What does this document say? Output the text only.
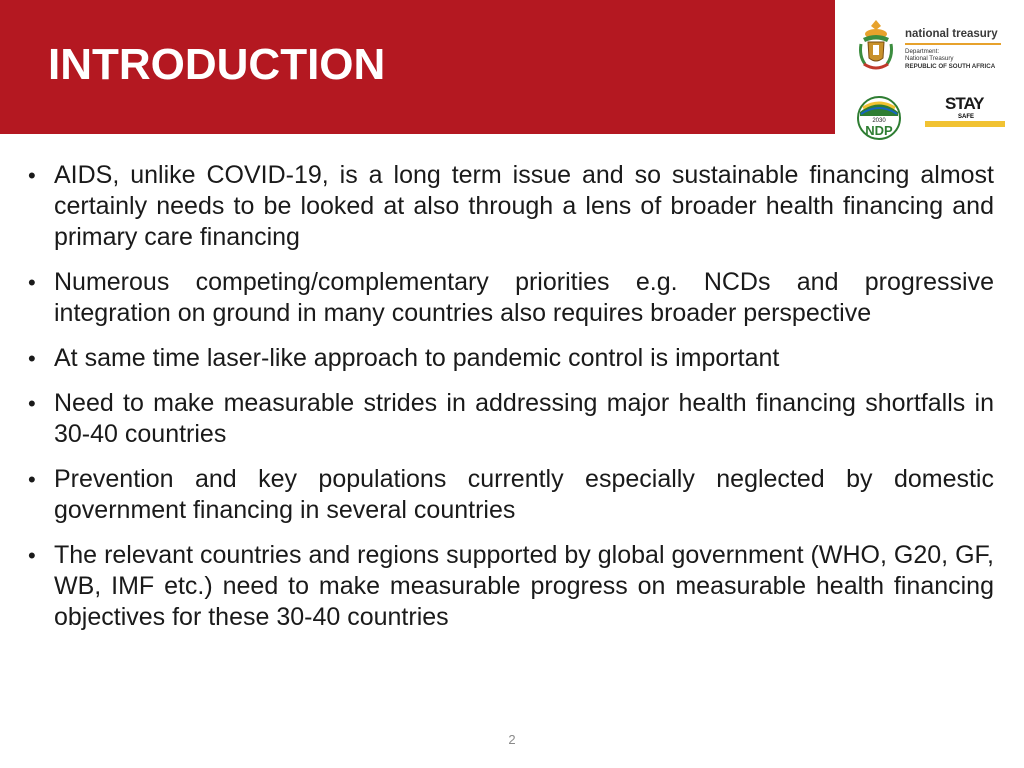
INTRODUCTION
national treasury
Department:
National Treasury
REPUBLIC OF SOUTH AFRICA
2030
NDP
STAY
SAFE
• AIDS, unlike COVID-19, is a long term issue and so sustainable financing almost certainly needs to be looked at also through a lens of broader health financing and primary care financing
• Numerous competing/complementary priorities e.g. NCDs and progressive integration on ground in many countries also requires broader perspective
• At same time laser-like approach to pandemic control is important
• Need to make measurable strides in addressing major health financing shortfalls in 30-40 countries
• Prevention and key populations currently especially neglected by domestic government financing in several countries
• The relevant countries and regions supported by global government (WHO, G20, GF, WB, IMF etc.) need to make measurable progress on measurable health financing objectives for these 30-40 countries
2
